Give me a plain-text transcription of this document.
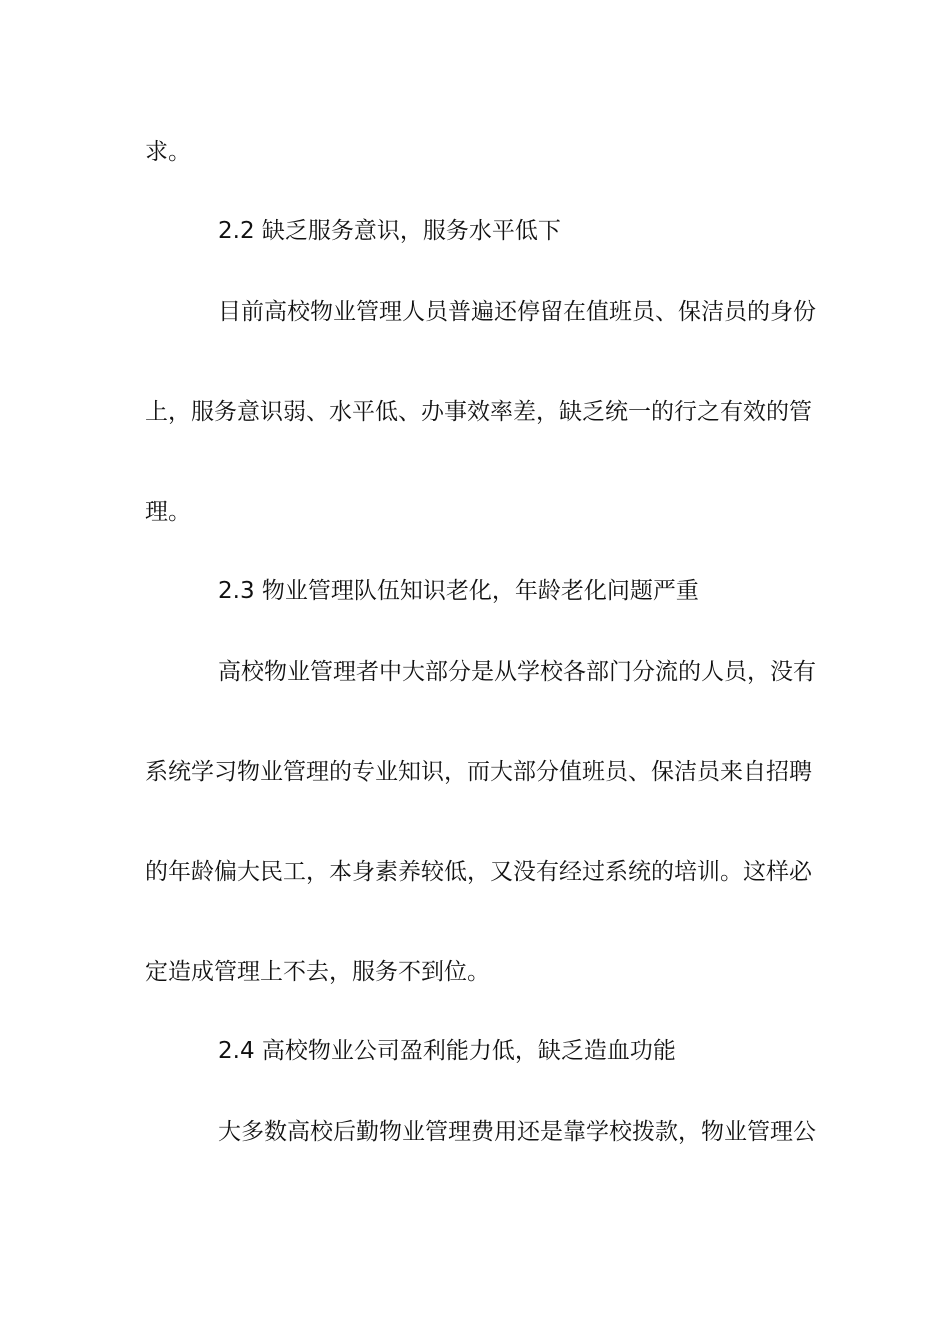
求。
2.2 缺乏服务意识，服务水平低下
目前高校物业管理人员普遍还停留在值班员、保洁员的身份
上，服务意识弱、水平低、办事效率差，缺乏统一的行之有效的管
理。
2.3 物业管理队伍知识老化，年龄老化问题严重
高校物业管理者中大部分是从学校各部门分流的人员，没有
系统学习物业管理的专业知识，而大部分值班员、保洁员来自招聘
的年龄偏大民工，本身素养较低，又没有经过系统的培训。这样必
定造成管理上不去，服务不到位。
2.4 高校物业公司盈利能力低，缺乏造血功能
大多数高校后勤物业管理费用还是靠学校拨款，物业管理公
